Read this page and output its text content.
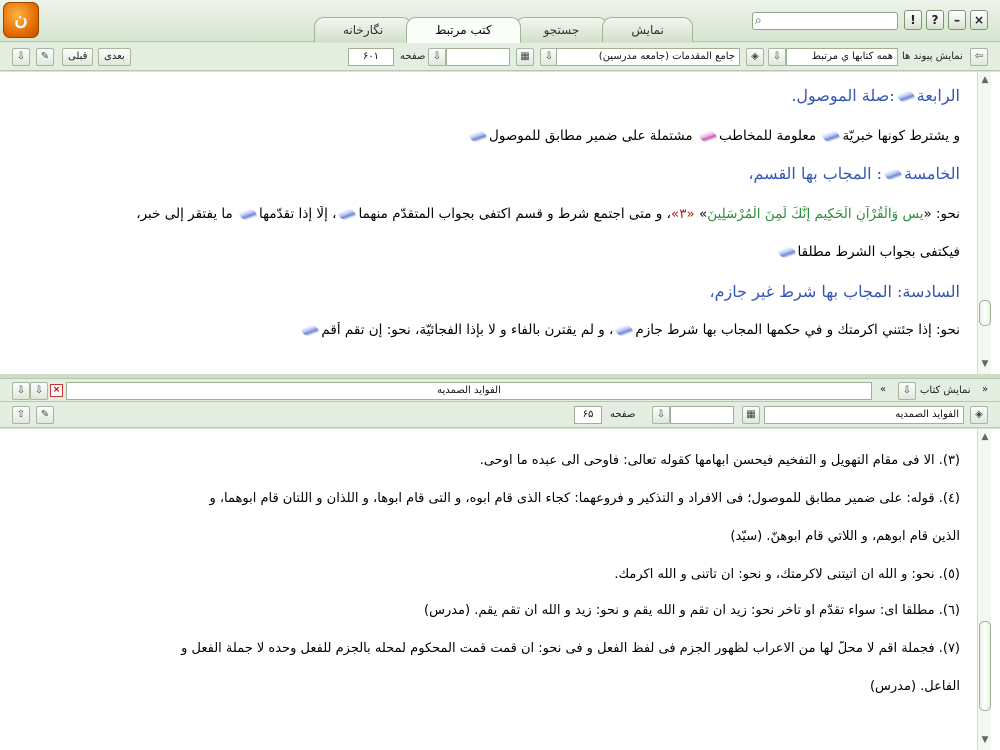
ن	نمایش
جستجو
کتب مرتبط
نگارخانه
⌕	!	?	–	×
⇩	✎	قبلى	بعدى	۶۰۱	صفحه ⇩	▦	⇩	جامع المقدمات (جامعه مدرسين)	◈	⇩	همه کتابها ي مرتبط نمایش پیوند ها	⇦
الرابعة:صلة الموصول.
و يشترط كونها خبريّة معلومة للمخاطب مشتملة على ضمير مطابق للموصول
الخامسة: المجاب بها القسم،
نحو: «يس وَالْقُرْآنِ الْحَكِيمِ إِنَّكَ لَمِنَ الْمُرْسَلِينَ» «٣»، و متى اجتمع شرط و قسم اكتفى بجواب المتقدّم منهما، إلّا إذا تقدّمها ما يفتقر إلى خبر،
فيكتفى بجواب الشرط مطلقا
السادسة: المجاب بها شرط غير جازم،
نحو: إذا جئتني اكرمتك و في حكمها المجاب بها شرط جازم، و لم يقترن بالفاء و لا بإذا الفجائيّة، نحو: إن تقم أقم
▲
▼
⇩ ⇩	×	الفوايد الصمديه	«	⇩ نمايش كتاب »
⇧	✎	۶۵	صفحه	⇩	▦	الفوايد الصمديه	◈
(٣). الّا فى مقام التهويل و التفخيم فيحسن ابهامها كقوله تعالى: فاوحى الى عبده ما اوحى.
(٤). قوله: على ضمير مطابق للموصول؛ فى الافراد و التذكير و فروعهما: كجاء الّذى قام ابوه، و الّتى قام ابوها، و اللّذان و اللتان قام ابوهما، و
الّذين قام ابوهم، و اللّاتي قام ابوهنّ. (سيّد)
(٥). نحو: و اللّه ان اتيتنى لاكرمتك، و نحو: ان تأتنى و اللّه اكرمك.
(٦). مطلقا اى: سواء تقدّم او تأخر نحو: زيد ان تقم و اللّه يقم و نحو: زيد و اللّه ان تقم يقم. (مدرس)
(٧). فجملة اقم لا محلّ لها من الاعراب لظهور الجزم فى لفظ الفعل و فى نحو: ان قمت قمت المحكوم لمحله بالجزم للفعل وحده لا جملة الفعل و
الفاعل. (مدرس)
▲
▼
